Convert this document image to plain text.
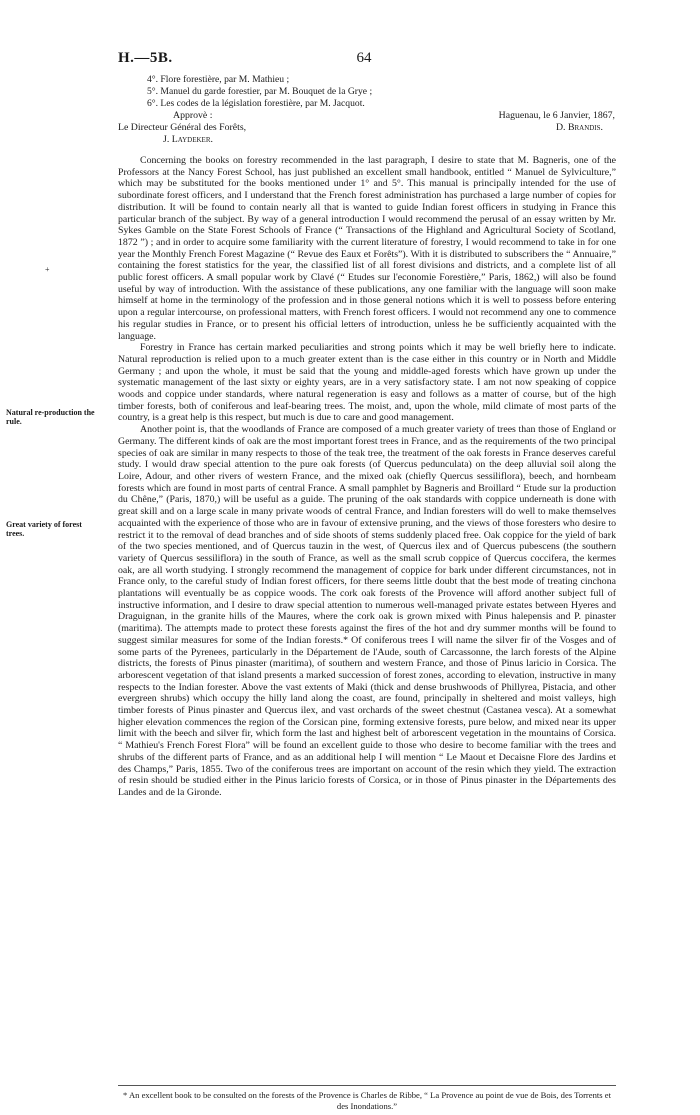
H.—5B.	64
4°. Flore forestière, par M. Mathieu ;
5°. Manuel du garde forestier, par M. Bouquet de la Grye ;
6°. Les codes de la législation forestière, par M. Jacquot.
Approvè :
Le Directeur Général des Forêts,
J. Laydeker.
Haguenau, le 6 Janvier, 1867,
D. Brandis.
+
Natural re-production the rule.
Great variety of forest trees.

Concerning the books on forestry recommended in the last paragraph, I desire to state that M. Bagneris, one of the Professors at the Nancy Forest School, has just published an excellent small handbook, entitled “ Manuel de Sylviculture,” which may be substituted for the books mentioned under 1° and 5°. This manual is principally intended for the use of subordinate forest officers, and I understand that the French forest administration has purchased a large number of copies for distribution. It will be found to contain nearly all that is wanted to guide Indian forest officers in studying in France this particular branch of the subject. By way of a general introduction I would recommend the perusal of an essay written by Mr. Sykes Gamble on the State Forest Schools of France (“ Transactions of the Highland and Agricultural Society of Scotland, 1872 ”) ; and in order to acquire some familiarity with the current literature of forestry, I would recommend to take in for one year the Monthly French Forest Magazine (“ Revue des Eaux et Forêts”). With it is distributed to subscribers the “ Annuaire,” containing the forest statistics for the year, the classified list of all forest divisions and districts, and a complete list of all public forest officers. A small popular work by Clavé (“ Etudes sur l'economie Forestière,” Paris, 1862,) will also be found useful by way of introduction. With the assistance of these publications, any one familiar with the language will soon make himself at home in the terminology of the profession and in those general notions which it is well to possess before entering upon a regular intercourse, on professional matters, with French forest officers. I would not recommend any one to commence his regular studies in France, or to present his official letters of introduction, unless he be sufficiently acquainted with the language.

Forestry in France has certain marked peculiarities and strong points which it may be well briefly here to indicate. Natural reproduction is relied upon to a much greater extent than is the case either in this country or in North and Middle Germany ; and upon the whole, it must be said that the young and middle-aged forests which have grown up under the systematic management of the last sixty or eighty years, are in a very satisfactory state. I am not now speaking of coppice woods and coppice under standards, where natural regeneration is easy and follows as a matter of course, but of the high timber forests, both of coniferous and leaf-bearing trees. The moist, and, upon the whole, mild climate of most parts of the country, is a great help is this respect, but much is due to care and good management.

Another point is, that the woodlands of France are composed of a much greater variety of trees than those of England or Germany. The different kinds of oak are the most important forest trees in France, and as the requirements of the two principal species of oak are similar in many respects to those of the teak tree, the treatment of the oak forests in France deserves careful study. I would draw special attention to the pure oak forests (of Quercus pedunculata) on the deep alluvial soil along the Loire, Adour, and other rivers of western France, and the mixed oak (chiefly Quercus sessiliflora), beech, and hornbeam forests which are found in most parts of central France. A small pamphlet by Bagneris and Broillard “ Etude sur la production du Chêne,” (Paris, 1870,) will be useful as a guide. The pruning of the oak standards with coppice underneath is done with great skill and on a large scale in many private woods of central France, and Indian foresters will do well to make themselves acquainted with the experience of those who are in favour of extensive pruning, and the views of those foresters who desire to restrict it to the removal of dead branches and of side shoots of stems suddenly placed free. Oak coppice for the yield of bark of the two species mentioned, and of Quercus tauzin in the west, of Quercus ilex and of Quercus pubescens (the southern variety of Quercus sessiliflora) in the south of France, as well as the small scrub coppice of Quercus coccifera, the kermes oak, are all worth studying. I strongly recommend the management of coppice for bark under different circumstances, not in France only, to the careful study of Indian forest officers, for there seems little doubt that the best mode of treating cinchona plantations will eventually be as coppice woods. The cork oak forests of the Provence will afford another subject full of instructive information, and I desire to draw special attention to numerous well-managed private estates between Hyeres and Draguignan, in the granite hills of the Maures, where the cork oak is grown mixed with Pinus halepensis and P. pinaster (maritima). The attempts made to protect these forests against the fires of the hot and dry summer months will be found to suggest similar measures for some of the Indian forests.* Of coniferous trees I will name the silver fir of the Vosges and of some parts of the Pyrenees, particularly in the Département de l'Aude, south of Carcassonne, the larch forests of the Alpine districts, the forests of Pinus pinaster (maritima), of southern and western France, and those of Pinus laricio in Corsica. The arborescent vegetation of that island presents a marked succession of forest zones, according to elevation, instructive in many respects to the Indian forester. Above the vast extents of Maki (thick and dense brushwoods of Phillyrea, Pistacia, and other evergreen shrubs) which occupy the hilly land along the coast, are found, principally in sheltered and moist valleys, high timber forests of Pinus pinaster and Quercus ilex, and vast orchards of the sweet chestnut (Castanea vesca). At a somewhat higher elevation commences the region of the Corsican pine, forming extensive forests, pure below, and mixed near its upper limit with the beech and silver fir, which form the last and highest belt of arborescent vegetation in the mountains of Corsica. “ Mathieu's French Forest Flora” will be found an excellent guide to those who desire to become familiar with the trees and shrubs of the different parts of France, and as an additional help I will mention “ Le Maout et Decaisne Flore des Jardins et des Champs,” Paris, 1855. Two of the coniferous trees are important on account of the resin which they yield. The extraction of resin should be studied either in the Pinus laricio forests of Corsica, or in those of Pinus pinaster in the Départements des Landes and de la Gironde.

* An excellent book to be consulted on the forests of the Provence is Charles de Ribbe, “ La Provence au point de vue de Bois, des Torrents et des Inondations.”
